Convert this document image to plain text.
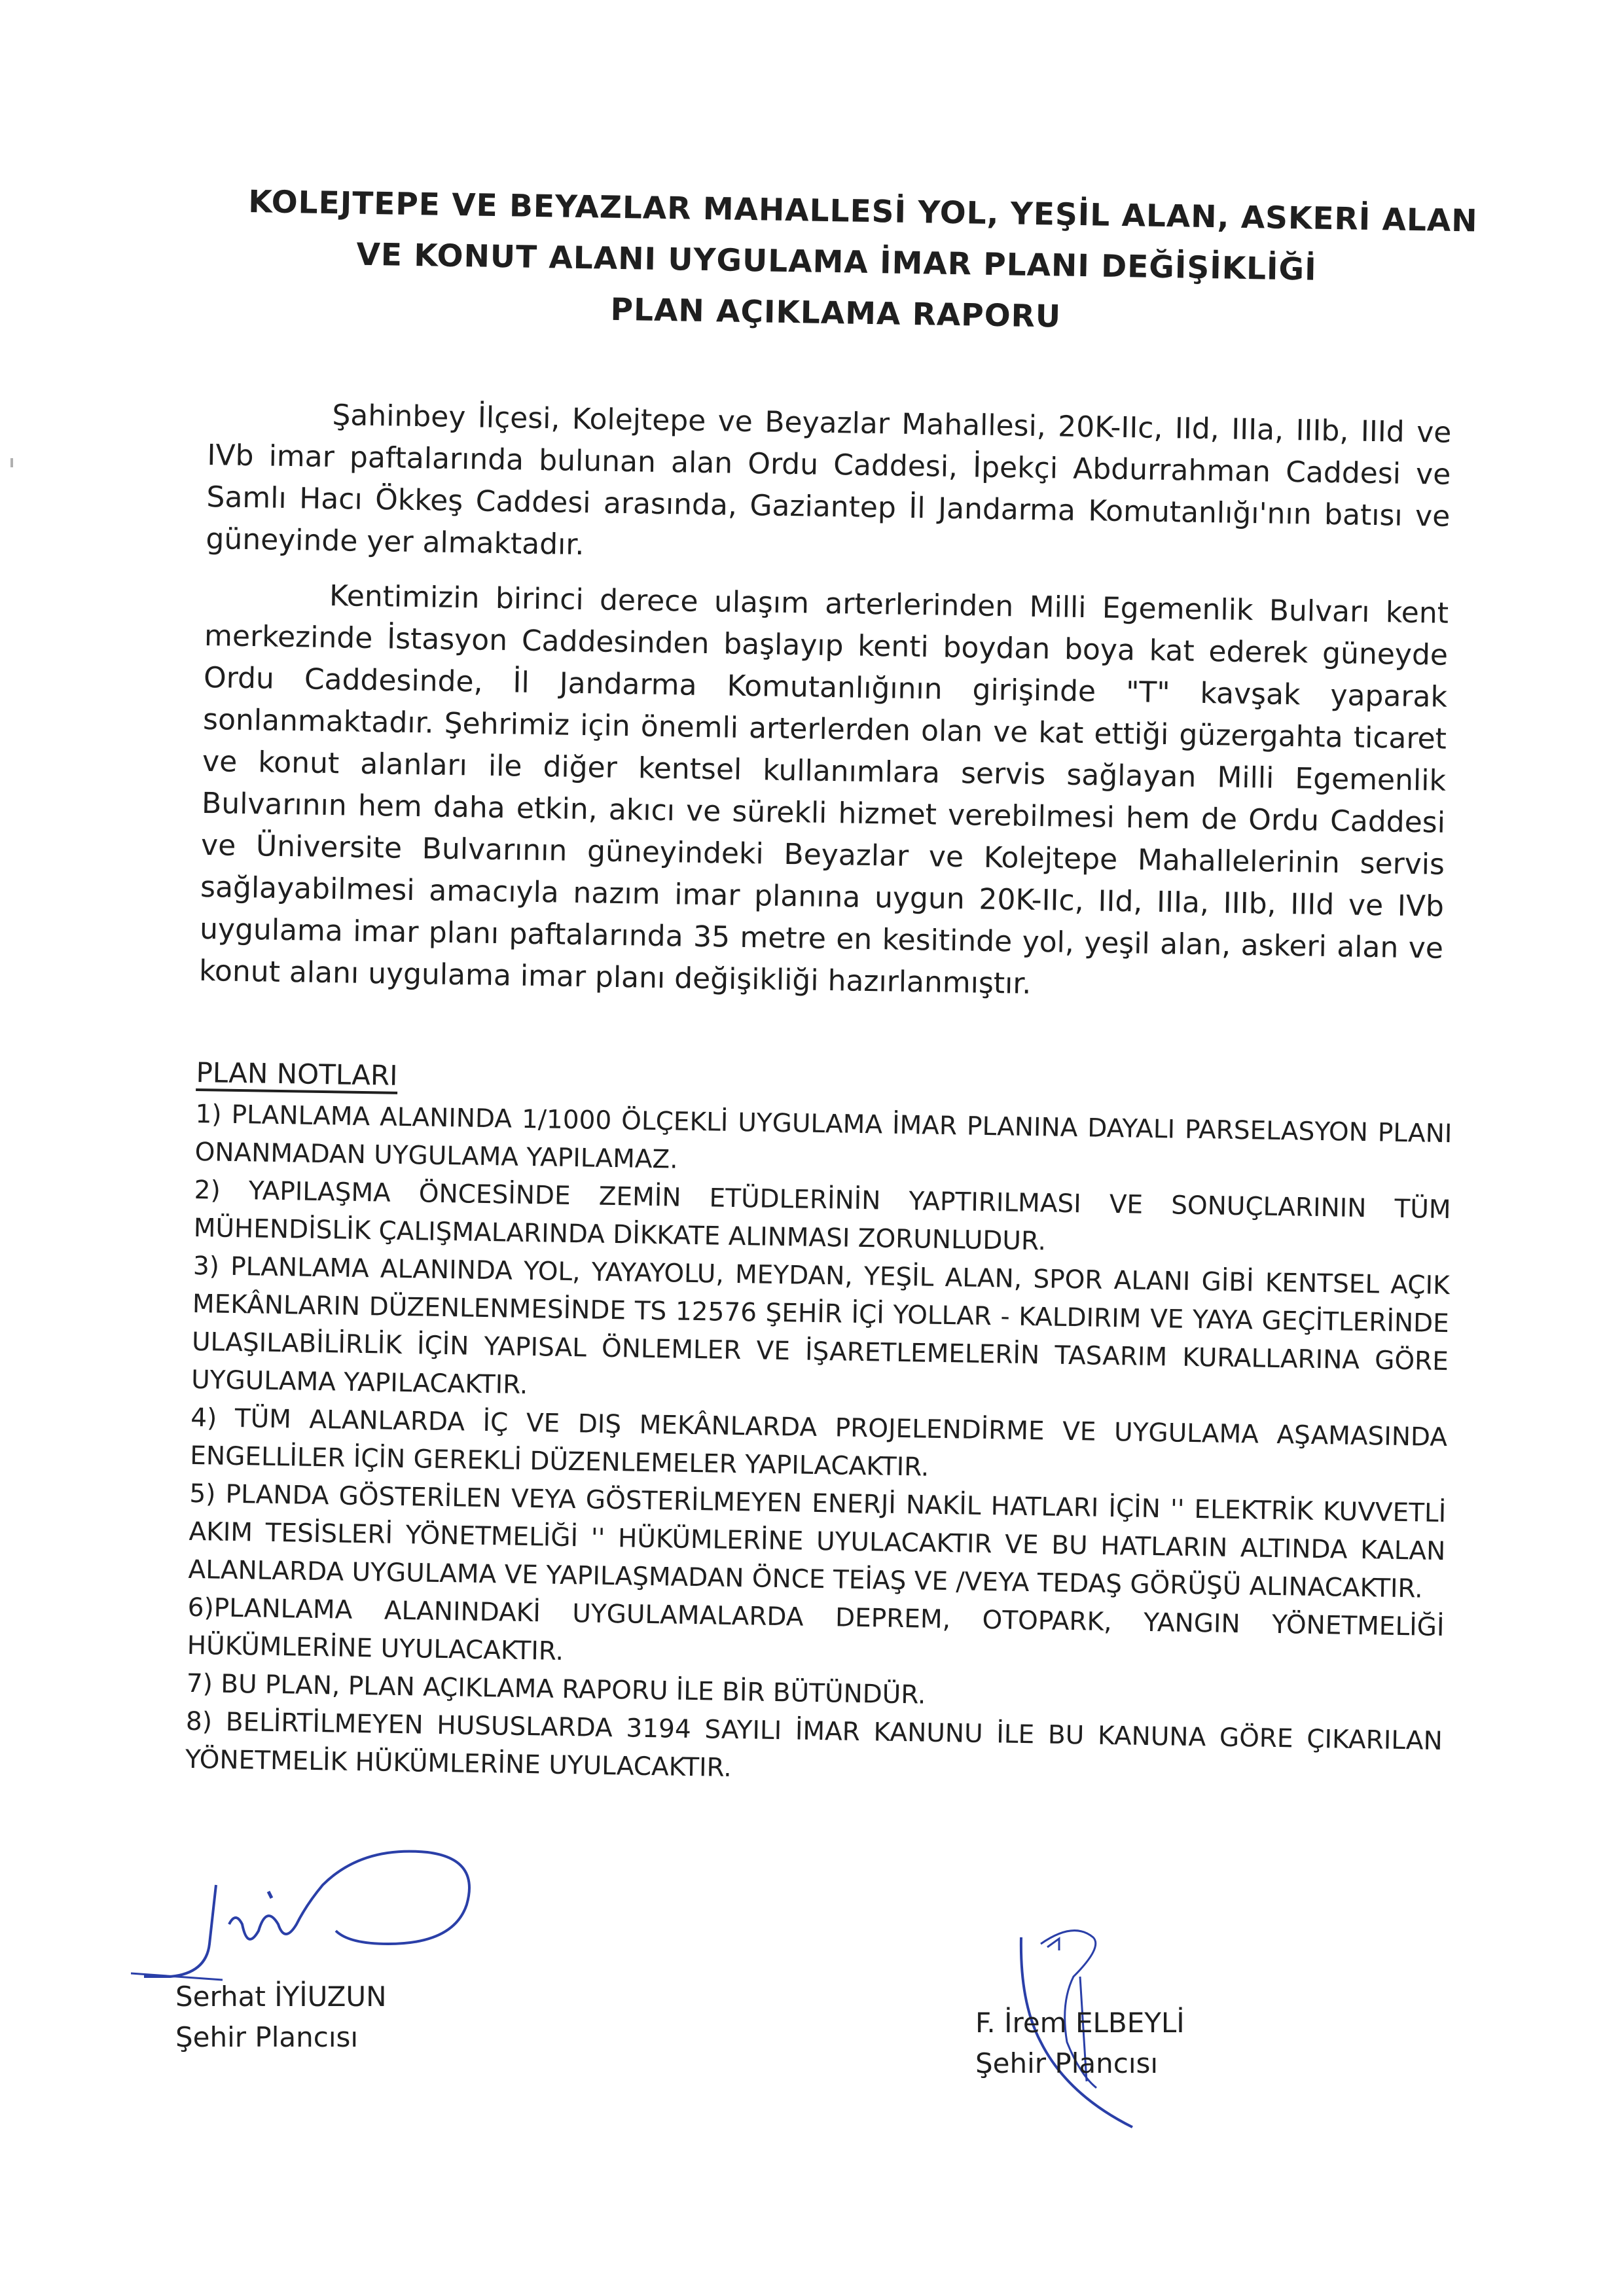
KOLEJTEPE VE BEYAZLAR MAHALLESİ YOL, YEŞİL ALAN, ASKERİ ALAN
VE KONUT ALANI UYGULAMA İMAR PLANI DEĞİŞİKLİĞİ
PLAN AÇIKLAMA RAPORU

Şahinbey İlçesi, Kolejtepe ve Beyazlar Mahallesi, 20K-IIc, IId, IIIa, IIIb, IIId ve IVb imar paftalarında bulunan alan Ordu Caddesi, İpekçi Abdurrahman Caddesi ve Samlı Hacı Ökkeş Caddesi arasında, Gaziantep İl Jandarma Komutanlığı'nın batısı ve güneyinde yer almaktadır.

Kentimizin birinci derece ulaşım arterlerinden Milli Egemenlik Bulvarı kent merkezinde İstasyon Caddesinden başlayıp kenti boydan boya kat ederek güneyde Ordu Caddesinde, İl Jandarma Komutanlığının girişinde "T" kavşak yaparak sonlanmaktadır. Şehrimiz için önemli arterlerden olan ve kat ettiği güzergahta ticaret ve konut alanları ile diğer kentsel kullanımlara servis sağlayan Milli Egemenlik Bulvarının hem daha etkin, akıcı ve sürekli hizmet verebilmesi hem de Ordu Caddesi ve Üniversite Bulvarının güneyindeki Beyazlar ve Kolejtepe Mahallelerinin servis sağlayabilmesi amacıyla nazım imar planına uygun 20K-IIc, IId, IIIa, IIIb, IIId ve IVb uygulama imar planı paftalarında 35 metre en kesitinde yol, yeşil alan, askeri alan ve konut alanı uygulama imar planı değişikliği hazırlanmıştır.

PLAN NOTLARI

1) PLANLAMA ALANINDA 1/1000 ÖLÇEKLİ UYGULAMA İMAR PLANINA DAYALI PARSELASYON PLANI ONANMADAN UYGULAMA YAPILAMAZ.

2) YAPILAŞMA ÖNCESİNDE ZEMİN ETÜDLERİNİN YAPTIRILMASI VE SONUÇLARININ TÜM MÜHENDİSLİK ÇALIŞMALARINDA DİKKATE ALINMASI ZORUNLUDUR.

3) PLANLAMA ALANINDA YOL, YAYAYOLU, MEYDAN, YEŞİL ALAN, SPOR ALANI GİBİ KENTSEL AÇIK MEKÂNLARIN DÜZENLENMESİNDE TS 12576 ŞEHİR İÇİ YOLLAR - KALDIRIM VE YAYA GEÇİTLERİNDE ULAŞILABİLİRLİK İÇİN YAPISAL ÖNLEMLER VE İŞARETLEMELERİN TASARIM KURALLARINA GÖRE UYGULAMA YAPILACAKTIR.

4) TÜM ALANLARDA İÇ VE DIŞ MEKÂNLARDA PROJELENDİRME VE UYGULAMA AŞAMASINDA ENGELLİLER İÇİN GEREKLİ DÜZENLEMELER YAPILACAKTIR.

5) PLANDA GÖSTERİLEN VEYA GÖSTERİLMEYEN ENERJİ NAKİL HATLARI İÇİN '' ELEKTRİK KUVVETLİ AKIM TESİSLERİ YÖNETMELİĞİ '' HÜKÜMLERİNE UYULACAKTIR VE BU HATLARIN ALTINDA KALAN ALANLARDA UYGULAMA VE YAPILAŞMADAN ÖNCE TEİAŞ VE /VEYA TEDAŞ GÖRÜŞÜ ALINACAKTIR.

6)PLANLAMA ALANINDAKİ UYGULAMALARDA DEPREM, OTOPARK, YANGIN YÖNETMELİĞİ HÜKÜMLERİNE UYULACAKTIR.

7) BU PLAN, PLAN AÇIKLAMA RAPORU İLE BİR BÜTÜNDÜR.

8) BELİRTİLMEYEN HUSUSLARDA 3194 SAYILI İMAR KANUNU İLE BU KANUNA GÖRE ÇIKARILAN YÖNETMELİK HÜKÜMLERİNE UYULACAKTIR.

Serhat İYİUZUN
Şehir Plancısı	F. İrem ELBEYLİ
Şehir Plancısı
